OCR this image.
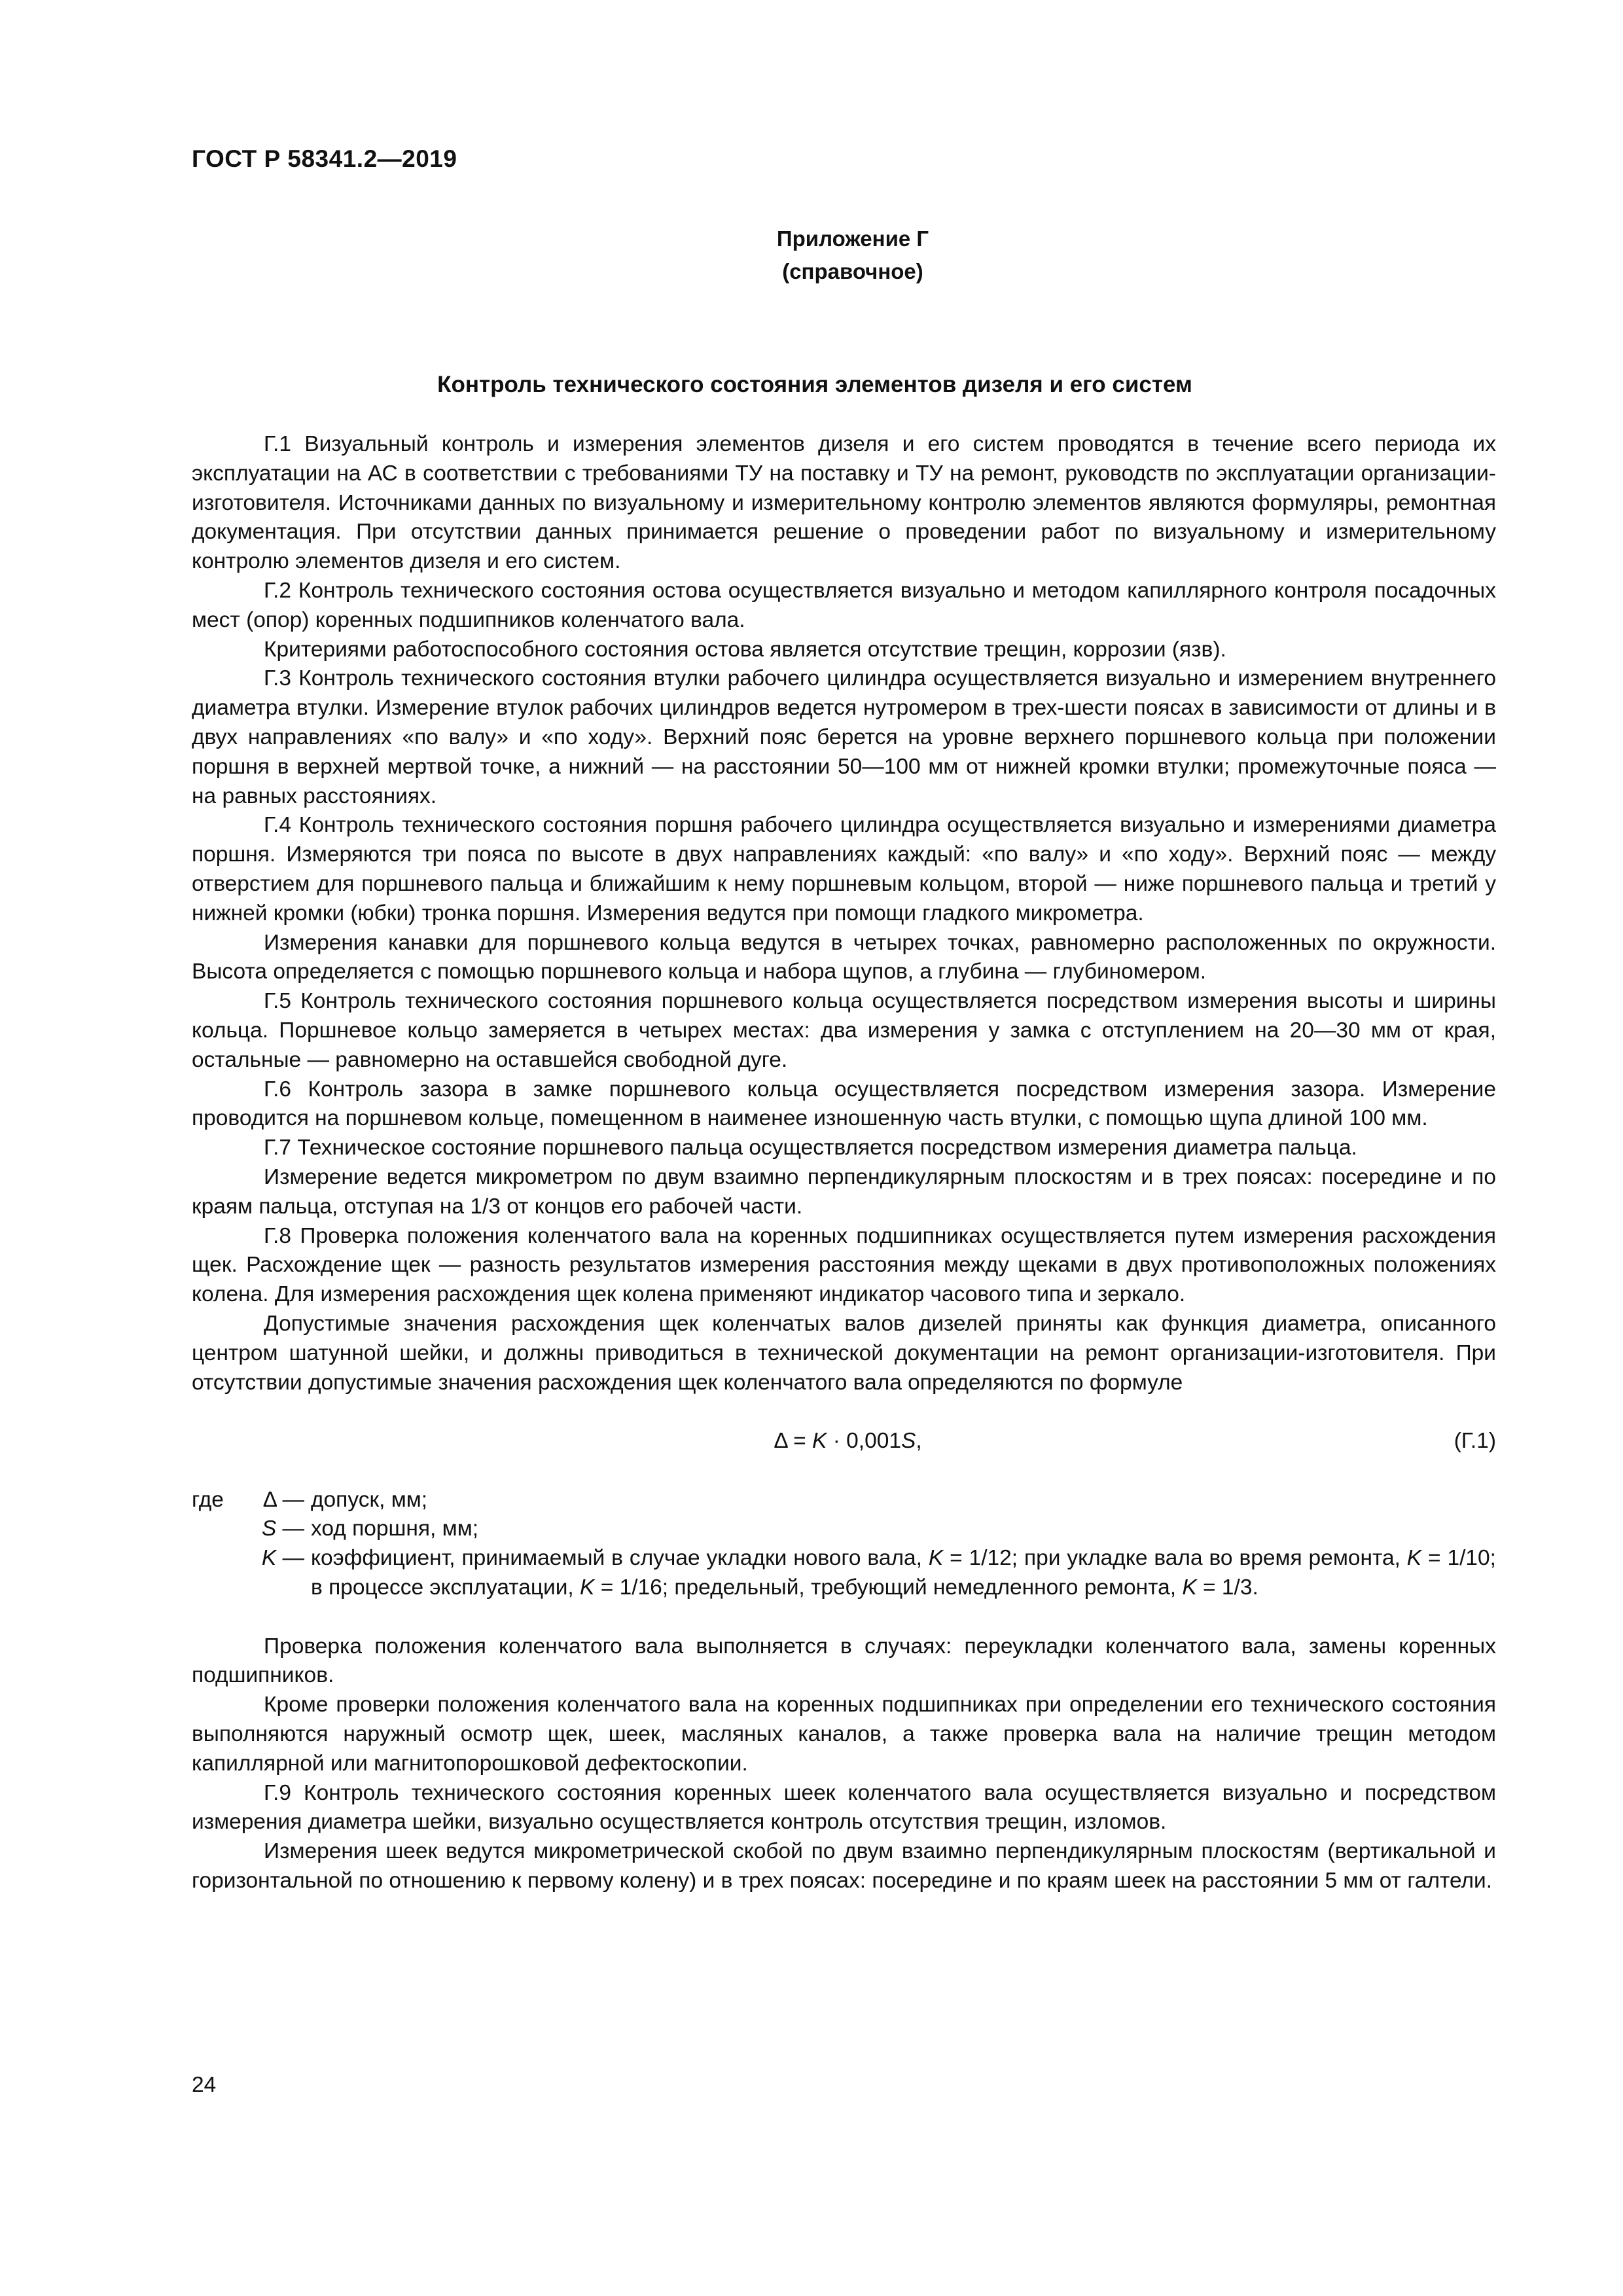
ГОСТ Р 58341.2—2019
Приложение Г
(справочное)
Контроль технического состояния элементов дизеля и его систем

Г.1 Визуальный контроль и измерения элементов дизеля и его систем проводятся в течение всего периода их эксплуатации на АС в соответствии с требованиями ТУ на поставку и ТУ на ремонт, руководств по эксплуатации организации-изготовителя. Источниками данных по визуальному и измерительному контролю элементов являются формуляры, ремонтная документация. При отсутствии данных принимается решение о проведении работ по визуальному и измерительному контролю элементов дизеля и его систем.

Г.2 Контроль технического состояния остова осуществляется визуально и методом капиллярного контроля посадочных мест (опор) коренных подшипников коленчатого вала.

Критериями работоспособного состояния остова является отсутствие трещин, коррозии (язв).

Г.3 Контроль технического состояния втулки рабочего цилиндра осуществляется визуально и измерением внутреннего диаметра втулки. Измерение втулок рабочих цилиндров ведется нутромером в трех-шести поясах в зависимости от длины и в двух направлениях «по валу» и «по ходу». Верхний пояс берется на уровне верхнего поршневого кольца при положении поршня в верхней мертвой точке, а нижний — на расстоянии 50—100 мм от нижней кромки втулки; промежуточные пояса — на равных расстояниях.

Г.4 Контроль технического состояния поршня рабочего цилиндра осуществляется визуально и измерениями диаметра поршня. Измеряются три пояса по высоте в двух направлениях каждый: «по валу» и «по ходу». Верхний пояс — между отверстием для поршневого пальца и ближайшим к нему поршневым кольцом, второй — ниже поршневого пальца и третий у нижней кромки (юбки) тронка поршня. Измерения ведутся при помощи гладкого микрометра.

Измерения канавки для поршневого кольца ведутся в четырех точках, равномерно расположенных по окружности. Высота определяется с помощью поршневого кольца и набора щупов, а глубина — глубиномером.

Г.5 Контроль технического состояния поршневого кольца осуществляется посредством измерения высоты и ширины кольца. Поршневое кольцо замеряется в четырех местах: два измерения у замка с отступлением на 20—30 мм от края, остальные — равномерно на оставшейся свободной дуге.

Г.6 Контроль зазора в замке поршневого кольца осуществляется посредством измерения зазора. Измерение проводится на поршневом кольце, помещенном в наименее изношенную часть втулки, с помощью щупа длиной 100 мм.

Г.7 Техническое состояние поршневого пальца осуществляется посредством измерения диаметра пальца.

Измерение ведется микрометром по двум взаимно перпендикулярным плоскостям и в трех поясах: посередине и по краям пальца, отступая на 1/3 от концов его рабочей части.

Г.8 Проверка положения коленчатого вала на коренных подшипниках осуществляется путем измерения расхождения щек. Расхождение щек — разность результатов измерения расстояния между щеками в двух противоположных положениях колена. Для измерения расхождения щек колена применяют индикатор часового типа и зеркало.

Допустимые значения расхождения щек коленчатых валов дизелей приняты как функция диаметра, описанного центром шатунной шейки, и должны приводиться в технической документации на ремонт организации-изготовителя. При отсутствии допустимые значения расхождения щек коленчатого вала определяются по формуле

Δ = K · 0,001S,	(Г.1)
где	Δ — допуск, мм;
S — ход поршня, мм;
K — коэффициент, принимаемый в случае укладки нового вала, K = 1/12; при укладке вала во время ремонта, K = 1/10; в процессе эксплуатации, K = 1/16; предельный, требующий немедленного ремонта, K = 1/3.

Проверка положения коленчатого вала выполняется в случаях: переукладки коленчатого вала, замены коренных подшипников.

Кроме проверки положения коленчатого вала на коренных подшипниках при определении его технического состояния выполняются наружный осмотр щек, шеек, масляных каналов, а также проверка вала на наличие трещин методом капиллярной или магнитопорошковой дефектоскопии.

Г.9 Контроль технического состояния коренных шеек коленчатого вала осуществляется визуально и посредством измерения диаметра шейки, визуально осуществляется контроль отсутствия трещин, изломов.

Измерения шеек ведутся микрометрической скобой по двум взаимно перпендикулярным плоскостям (вертикальной и горизонтальной по отношению к первому колену) и в трех поясах: посередине и по краям шеек на расстоянии 5 мм от галтели.

24
